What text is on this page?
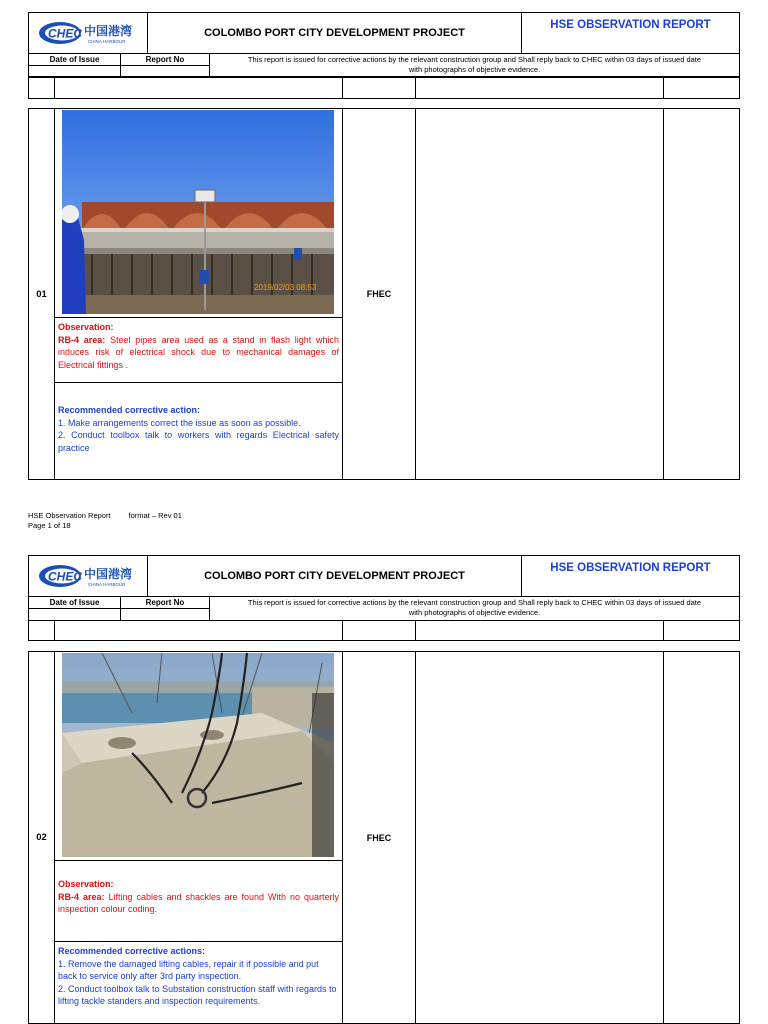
CHEC 中国港湾
CHINA HARBOUR
COLOMBO PORT CITY DEVELOPMENT PROJECT
HSE OBSERVATION REPORT
Date of Issue	Report No	This report is issued for corrective actions by the relevant construction group and Shall reply back to CHEC within 03 days of issued date
with photographs of objective evidence.
01
2019/02/03 08:53
Observation:
RB-4 area: Steel pipes area used as a stand in flash light which induces risk of electrical shock due to mechanical damages of Electrical fittings .
Recommended corrective action:
1. Make arrangements correct the issue as soon as possible.
2. Conduct toolbox talk to workers with regards Electrical safety practice
FHEC
HSE Observation Report format – Rev 01
Page 1 of 18
CHEC 中国港湾
CHINA HARBOUR
COLOMBO PORT CITY DEVELOPMENT PROJECT
HSE OBSERVATION REPORT
Date of Issue	Report No	This report is issued for corrective actions by the relevant construction group and Shall reply back to CHEC within 03 days of issued date
with photographs of objective evidence.
02
Observation:
RB-4 area: Lifting cables and shackles are found With no quarterly inspection colour coding.
Recommended corrective actions:
1. Remove the damaged lifting cables, repair it if possible and put back to service only after 3rd party inspection.
2. Conduct toolbox talk to Substation construction staff with regards to lifting tackle standers and inspection requirements.
FHEC
